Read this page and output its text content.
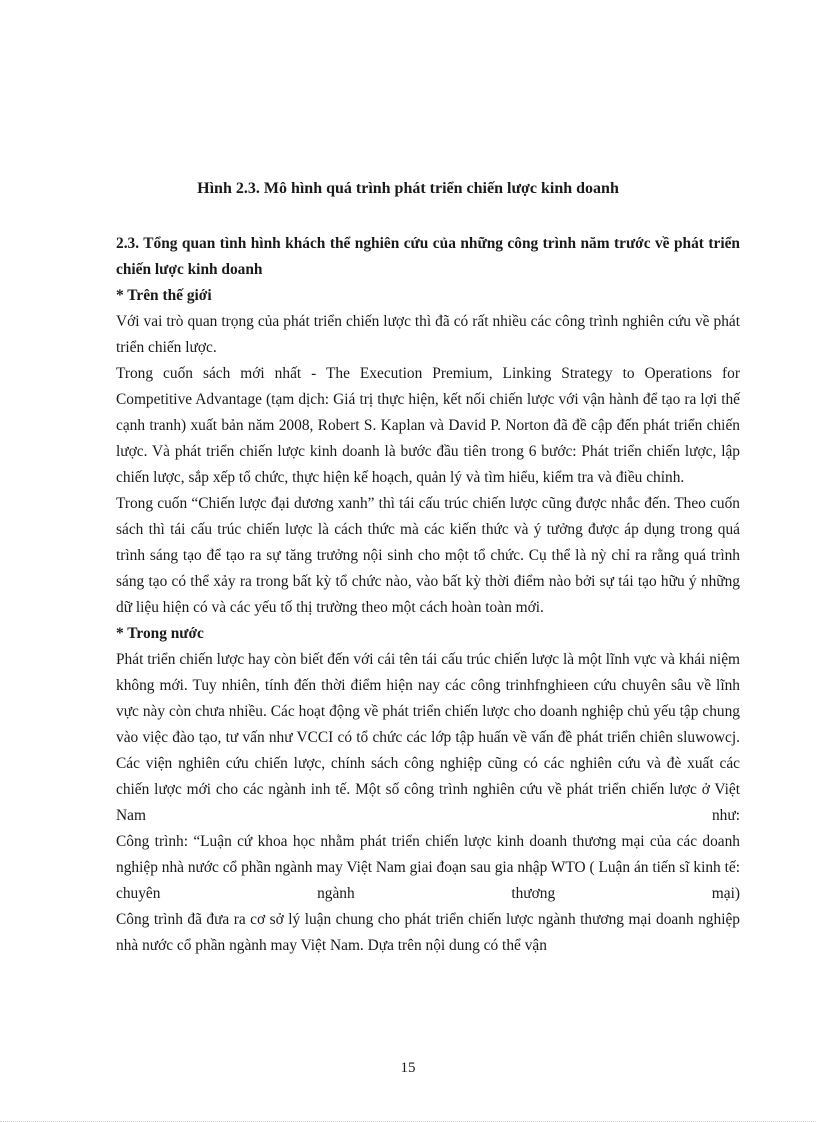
Hình 2.3. Mô hình quá trình phát triển chiến lược kinh doanh

2.3. Tổng quan tình hình khách thể nghiên cứu của những công trình năm trước về phát triển chiến lược kinh doanh

* Trên thế giới

Với vai trò quan trọng của phát triển chiến lược thì đã có rất nhiều các công trình nghiên cứu về phát triển chiến lược.

Trong cuốn sách mới nhất - The Execution Premium, Linking Strategy to Operations for Competitive Advantage (tạm dịch: Giá trị thực hiện, kết nối chiến lược với vận hành để tạo ra lợi thế cạnh tranh) xuất bản năm 2008, Robert S. Kaplan và David P. Norton đã đề cập đến phát triển chiến lược. Và phát triển chiến lược kinh doanh là bước đầu tiên trong 6 bước: Phát triển chiến lược, lập chiến lược, sắp xếp tổ chức, thực hiện kế hoạch, quản lý và tìm hiểu, kiểm tra và điều chỉnh.

Trong cuốn “Chiến lược đại dương xanh” thì tái cấu trúc chiến lược cũng được nhắc đến. Theo cuốn sách thì tái cấu trúc chiến lược là cách thức mà các kiến thức và ý tưởng được áp dụng trong quá trình sáng tạo để tạo ra sự tăng trưởng nội sinh cho một tổ chức. Cụ thể là nỳ chỉ ra rằng quá trình sáng tạo có thể xảy ra trong bất kỳ tổ chức nào, vào bất kỳ thời điểm nào bởi sự tái tạo hữu ý những dữ liệu hiện có và các yếu tố thị trường theo một cách hoàn toàn mới.

* Trong nước

Phát triển chiến lược hay còn biết đến với cái tên tái cấu trúc chiến lược là một lĩnh vực và khái niệm không mới. Tuy nhiên, tính đến thời điểm hiện nay các công trinhfnghieen cứu chuyên sâu về lĩnh vực này còn chưa nhiều. Các hoạt động về phát triển chiến lược cho doanh nghiệp chủ yếu tập chung vào việc đào tạo, tư vấn như VCCI có tổ chức các lớp tập huấn về vấn đề phát triển chiên sluwowcj. Các viện nghiên cứu chiến lược, chính sách công nghiệp cũng có các nghiên cứu và đè xuất các chiến lược mới cho các ngành inh tế. Một số công trình nghiên cứu về phát triển chiến lược ở Việt Nam như:

Công trình: “Luận cứ khoa học nhằm phát triển chiến lược kinh doanh thương mại của các doanh nghiệp nhà nước cổ phần ngành may Việt Nam giai đoạn sau gia nhập WTO ( Luận án tiến sĩ kinh tế: chuyên ngành thương mại)

Công trình đã đưa ra cơ sở lý luận chung cho phát triển chiến lược ngành thương mại doanh nghiệp nhà nước cổ phần ngành may Việt Nam. Dựa trên nội dung có thể vận

15
